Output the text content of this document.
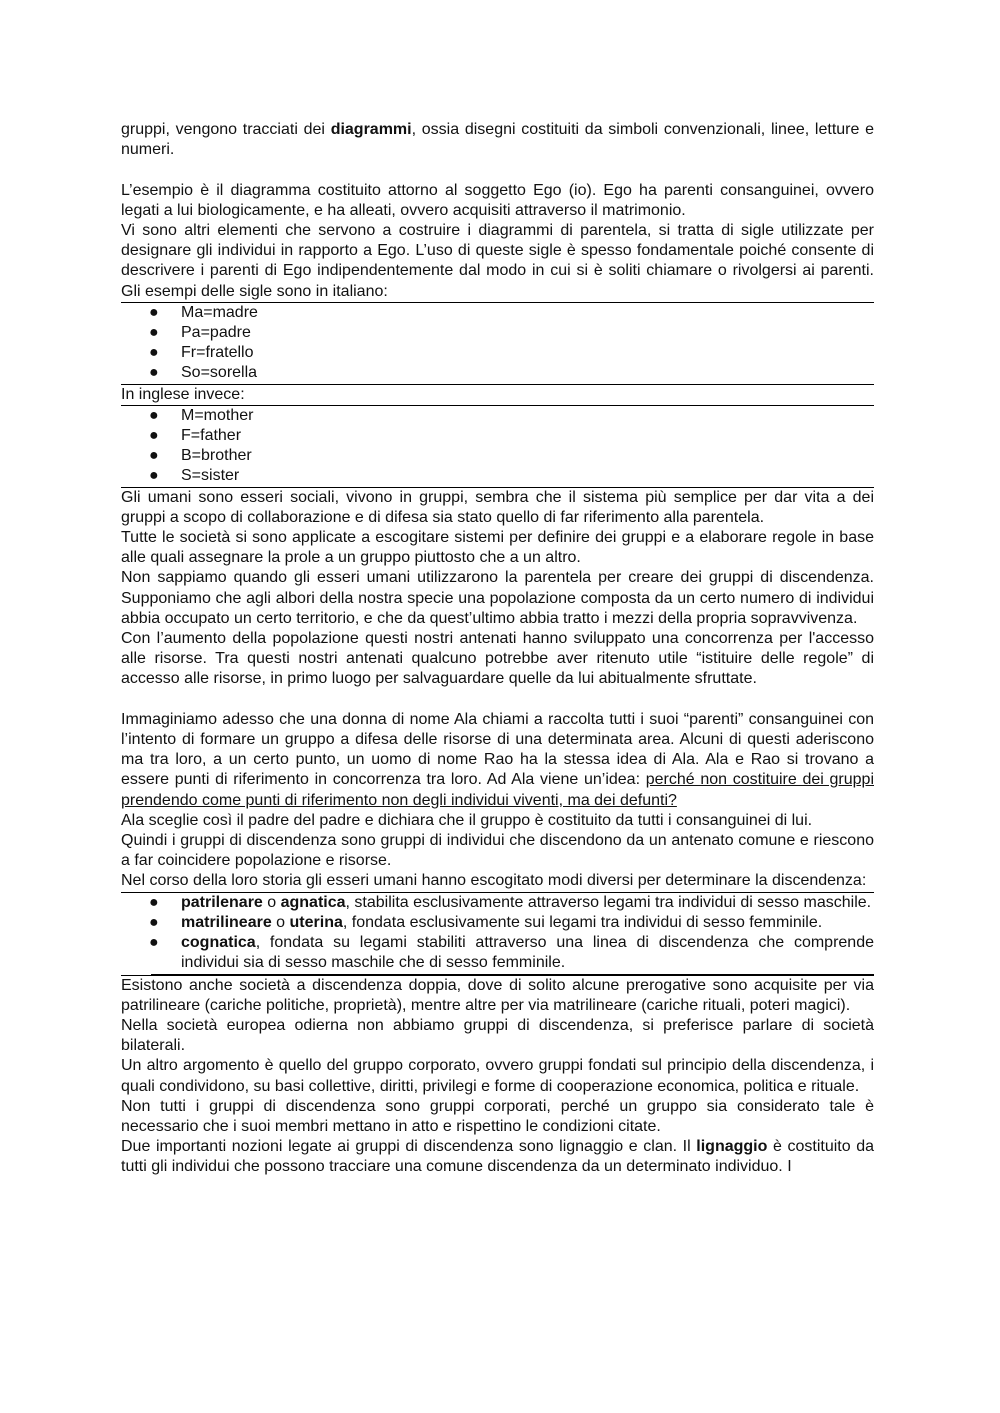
gruppi, vengono tracciati dei diagrammi, ossia disegni costituiti da simboli convenzionali, linee, letture e numeri.

L’esempio è il diagramma costituito attorno al soggetto Ego (io). Ego ha parenti consanguinei, ovvero legati a lui biologicamente, e ha alleati, ovvero acquisiti attraverso il matrimonio.

Vi sono altri elementi che servono a costruire i diagrammi di parentela, si tratta di sigle utilizzate per designare gli individui in rapporto a Ego. L’uso di queste sigle è spesso fondamentale poiché consente di descrivere i parenti di Ego indipendentemente dal modo in cui si è soliti chiamare o rivolgersi ai parenti. Gli esempi delle sigle sono in italiano:

● Ma=madre
● Pa=padre
● Fr=fratello
● So=sorella

In inglese invece:

● M=mother
● F=father
● B=brother
● S=sister

Gli umani sono esseri sociali, vivono in gruppi, sembra che il sistema più semplice per dar vita a dei gruppi a scopo di collaborazione e di difesa sia stato quello di far riferimento alla parentela.

Tutte le società si sono applicate a escogitare sistemi per definire dei gruppi e a elaborare regole in base alle quali assegnare la prole a un gruppo piuttosto che a un altro.

Non sappiamo quando gli esseri umani utilizzarono la parentela per creare dei gruppi di discendenza. Supponiamo che agli albori della nostra specie una popolazione composta da un certo numero di individui abbia occupato un certo territorio, e che da quest’ultimo abbia tratto i mezzi della propria sopravvivenza.

Con l’aumento della popolazione questi nostri antenati hanno sviluppato una concorrenza per l'accesso alle risorse. Tra questi nostri antenati qualcuno potrebbe aver ritenuto utile “istituire delle regole” di accesso alle risorse, in primo luogo per salvaguardare quelle da lui abitualmente sfruttate.

Immaginiamo adesso che una donna di nome Ala chiami a raccolta tutti i suoi “parenti” consanguinei con l’intento di formare un gruppo a difesa delle risorse di una determinata area. Alcuni di questi aderiscono ma tra loro, a un certo punto, un uomo di nome Rao ha la stessa idea di Ala. Ala e Rao si trovano a essere punti di riferimento in concorrenza tra loro. Ad Ala viene un’idea: perché non costituire dei gruppi prendendo come punti di riferimento non degli individui viventi, ma dei defunti?

Ala sceglie così il padre del padre e dichiara che il gruppo è costituito da tutti i consanguinei di lui.

Quindi i gruppi di discendenza sono gruppi di individui che discendono da un antenato comune e riescono a far coincidere popolazione e risorse.

Nel corso della loro storia gli esseri umani hanno escogitato modi diversi per determinare la discendenza:

● patrilenare o agnatica, stabilita esclusivamente attraverso legami tra individui di sesso maschile.
● matrilineare o uterina, fondata esclusivamente sui legami tra individui di sesso femminile.
● cognatica, fondata su legami stabiliti attraverso una linea di discendenza che comprende individui sia di sesso maschile che di sesso femminile.

Esistono anche società a discendenza doppia, dove di solito alcune prerogative sono acquisite per via patrilineare (cariche politiche, proprietà), mentre altre per via matrilineare (cariche rituali, poteri magici).

Nella società europea odierna non abbiamo gruppi di discendenza, si preferisce parlare di società bilaterali.

Un altro argomento è quello del gruppo corporato, ovvero gruppi fondati sul principio della discendenza, i quali condividono, su basi collettive, diritti, privilegi e forme di cooperazione economica, politica e rituale.

Non tutti i gruppi di discendenza sono gruppi corporati, perché un gruppo sia considerato tale è necessario che i suoi membri mettano in atto e rispettino le condizioni citate.

Due importanti nozioni legate ai gruppi di discendenza sono lignaggio e clan. Il lignaggio è costituito da tutti gli individui che possono tracciare una comune discendenza da un determinato individuo. I
